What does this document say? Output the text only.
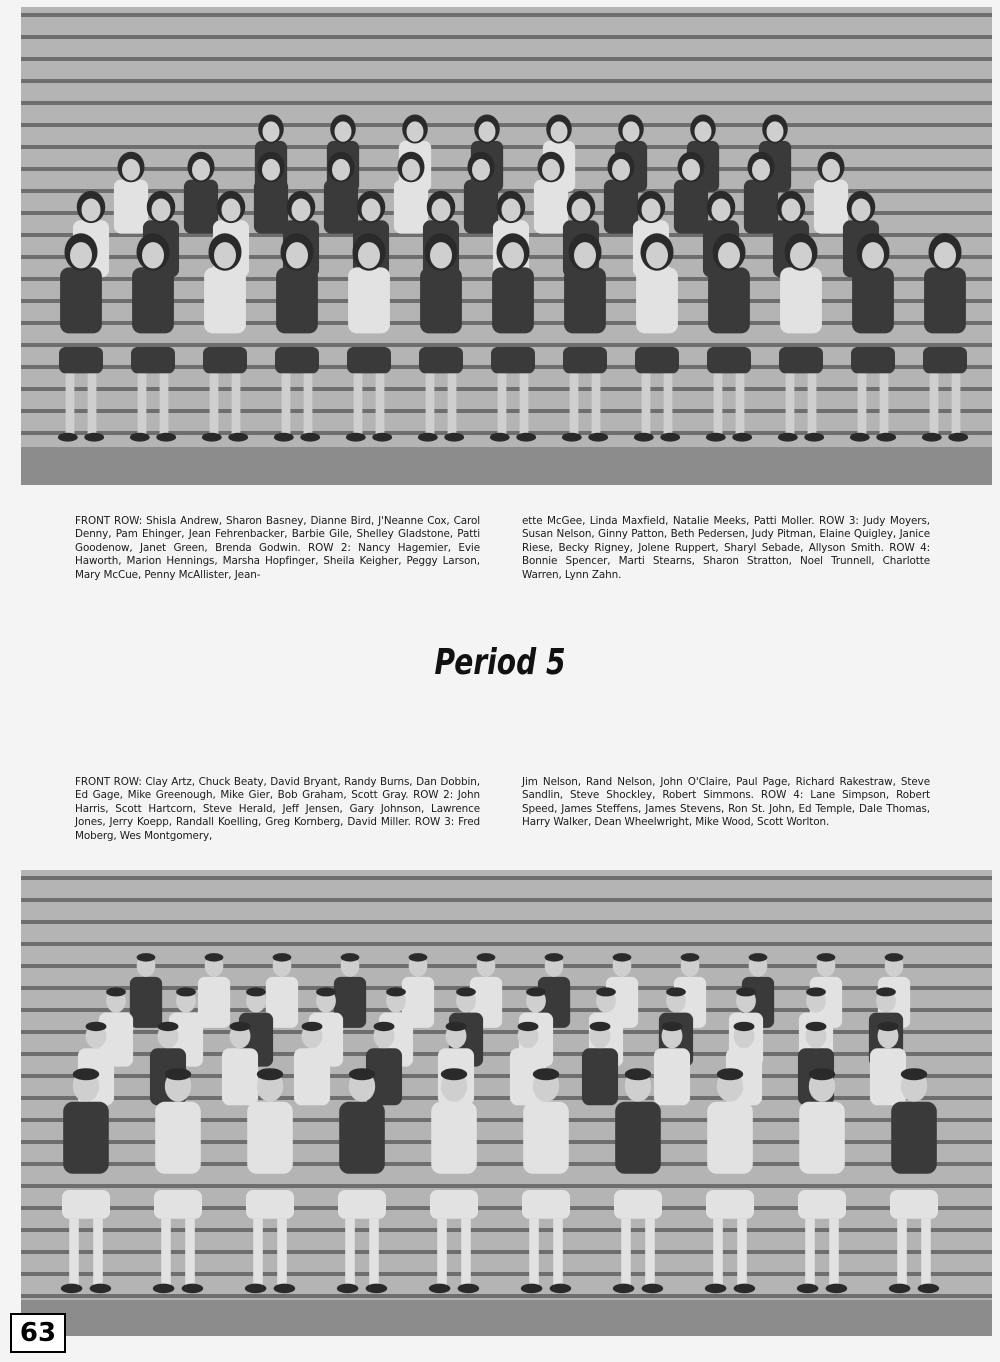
FRONT ROW: Shisla Andrew, Sharon Basney, Dianne Bird, J'Neanne Cox, Carol Denny, Pam Ehinger, Jean Fehrenbacker, Barbie Gile, Shelley Gladstone, Patti Goodenow, Janet Green, Brenda Godwin. ROW 2: Nancy Hagemier, Evie Haworth, Marion Hennings, Marsha Hopfinger, Sheila Keigher, Peggy Larson, Mary McCue, Penny McAllister, Jean-

ette McGee, Linda Maxfield, Natalie Meeks, Patti Moller. ROW 3: Judy Moyers, Susan Nelson, Ginny Patton, Beth Pedersen, Judy Pitman, Elaine Quigley, Janice Riese, Becky Rigney, Jolene Ruppert, Sharyl Sebade, Allyson Smith. ROW 4: Bonnie Spencer, Marti Stearns, Sharon Stratton, Noel Trunnell, Charlotte Warren, Lynn Zahn.

Period 5

FRONT ROW: Clay Artz, Chuck Beaty, David Bryant, Randy Burns, Dan Dobbin, Ed Gage, Mike Greenough, Mike Gier, Bob Graham, Scott Gray. ROW 2: John Harris, Scott Hartcorn, Steve Herald, Jeff Jensen, Gary Johnson, Lawrence Jones, Jerry Koepp, Randall Koelling, Greg Kornberg, David Miller. ROW 3: Fred Moberg, Wes Montgomery,

Jim Nelson, Rand Nelson, John O'Claire, Paul Page, Richard Rakestraw, Steve Sandlin, Steve Shockley, Robert Simmons. ROW 4: Lane Simpson, Robert Speed, James Steffens, James Stevens, Ron St. John, Ed Temple, Dale Thomas, Harry Walker, Dean Wheelwright, Mike Wood, Scott Worlton.

63
